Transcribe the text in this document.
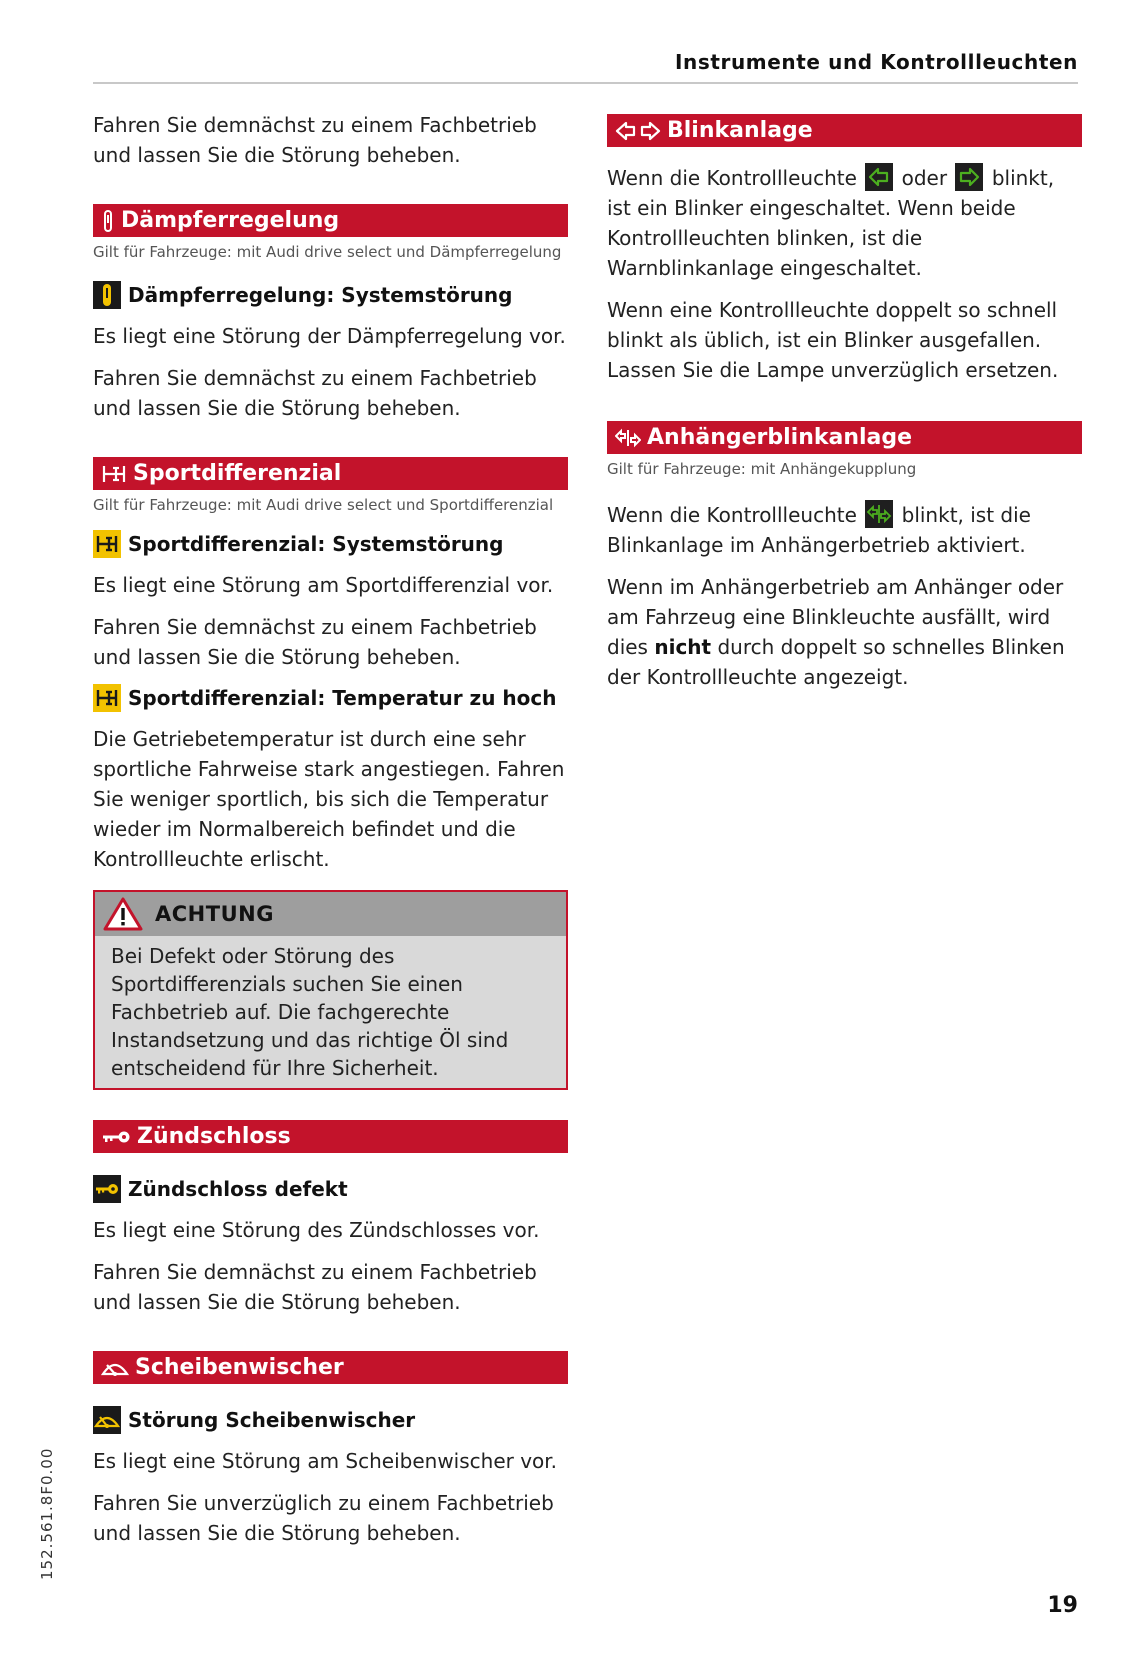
Instrumente und Kontrollleuchten

Fahren Sie demnächst zu einem Fachbetrieb und lassen Sie die Störung beheben.

Dämpferregelung
Gilt für Fahrzeuge: mit Audi drive select und Dämpferregelung
Dämpferregelung: Systemstörung

Es liegt eine Störung der Dämpferregelung vor.

Fahren Sie demnächst zu einem Fachbetrieb und lassen Sie die Störung beheben.

Sportdifferenzial
Gilt für Fahrzeuge: mit Audi drive select und Sportdifferenzial
Sportdifferenzial: Systemstörung

Es liegt eine Störung am Sportdifferenzial vor.

Fahren Sie demnächst zu einem Fachbetrieb und lassen Sie die Störung beheben.

Sportdifferenzial: Temperatur zu hoch

Die Getriebetemperatur ist durch eine sehr sportliche Fahrweise stark angestiegen. Fahren Sie weniger sportlich, bis sich die Temperatur wieder im Normalbereich befindet und die Kontrollleuchte erlischt.

ACHTUNG
Bei Defekt oder Störung des Sportdifferenzials suchen Sie einen Fachbetrieb auf. Die fachgerechte Instandsetzung und das richtige Öl sind entscheidend für Ihre Sicherheit.
Zündschloss
Zündschloss defekt

Es liegt eine Störung des Zündschlosses vor.

Fahren Sie demnächst zu einem Fachbetrieb und lassen Sie die Störung beheben.

Scheibenwischer
Störung Scheibenwischer

Es liegt eine Störung am Scheibenwischer vor.

Fahren Sie unverzüglich zu einem Fachbetrieb und lassen Sie die Störung beheben.

Blinkanlage

Wenn die Kontrollleuchte oder blinkt, ist ein Blinker eingeschaltet. Wenn beide Kontrollleuchten blinken, ist die Warnblinkanlage eingeschaltet.

Wenn eine Kontrollleuchte doppelt so schnell blinkt als üblich, ist ein Blinker ausgefallen. Lassen Sie die Lampe unverzüglich ersetzen.

Anhängerblinkanlage
Gilt für Fahrzeuge: mit Anhängekupplung

Wenn die Kontrollleuchte blinkt, ist die Blinkanlage im Anhängerbetrieb aktiviert.

Wenn im Anhängerbetrieb am Anhänger oder am Fahrzeug eine Blinkleuchte ausfällt, wird dies nicht durch doppelt so schnelles Blinken der Kontrollleuchte angezeigt.

152.561.8F0.00
19
